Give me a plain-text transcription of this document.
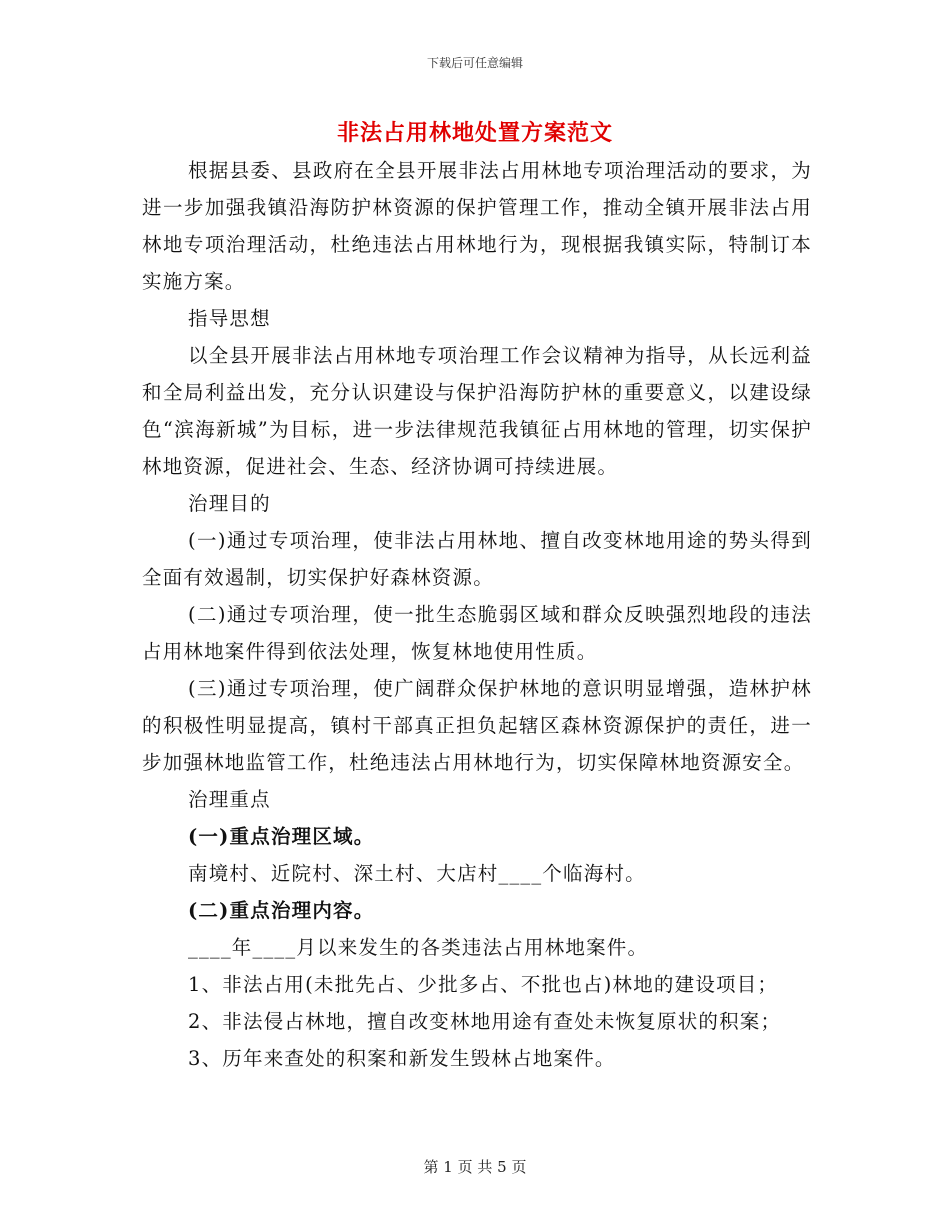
下载后可任意编辑
非法占用林地处置方案范文

根据县委、县政府在全县开展非法占用林地专项治理活动的要求，为进一步加强我镇沿海防护林资源的保护管理工作，推动全镇开展非法占用林地专项治理活动，杜绝违法占用林地行为，现根据我镇实际，特制订本实施方案。

指导思想

以全县开展非法占用林地专项治理工作会议精神为指导，从长远利益和全局利益出发，充分认识建设与保护沿海防护林的重要意义，以建设绿色“滨海新城”为目标，进一步法律规范我镇征占用林地的管理，切实保护林地资源，促进社会、生态、经济协调可持续进展。

治理目的

(一)通过专项治理，使非法占用林地、擅自改变林地用途的势头得到全面有效遏制，切实保护好森林资源。

(二)通过专项治理，使一批生态脆弱区域和群众反映强烈地段的违法占用林地案件得到依法处理，恢复林地使用性质。

(三)通过专项治理，使广阔群众保护林地的意识明显增强，造林护林的积极性明显提高，镇村干部真正担负起辖区森林资源保护的责任，进一步加强林地监管工作，杜绝违法占用林地行为，切实保障林地资源安全。

治理重点

(一)重点治理区域。

南境村、近院村、深土村、大店村____个临海村。

(二)重点治理内容。

____年____月以来发生的各类违法占用林地案件。

1、非法占用(未批先占、少批多占、不批也占)林地的建设项目；

2、非法侵占林地，擅自改变林地用途有查处未恢复原状的积案；

3、历年来查处的积案和新发生毁林占地案件。

第 1 页 共 5 页
